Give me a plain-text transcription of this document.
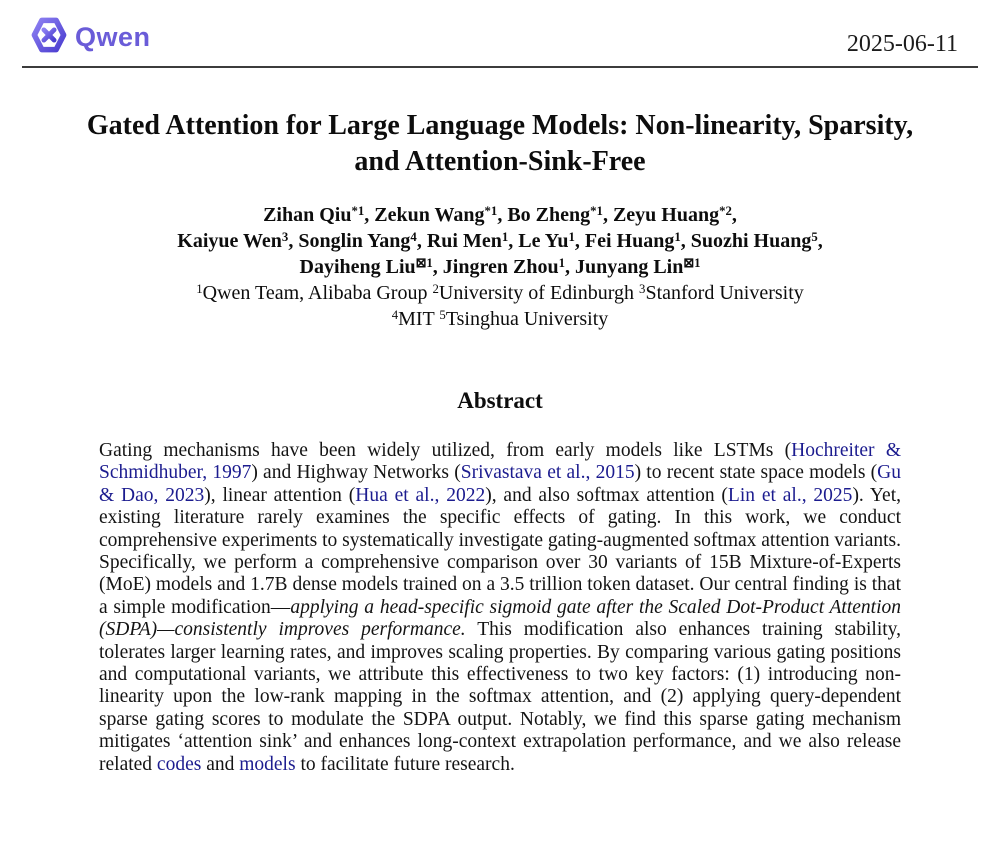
Qwen	2025-06-11
Gated Attention for Large Language Models: Non-linearity, Sparsity,
and Attention-Sink-Free
Zihan Qiu$^{*1}$, Zekun Wang$^{*1}$, Bo Zheng$^{*1}$, Zeyu Huang$^{*2}$,
Kaiyue Wen$^3$, Songlin Yang$^4$, Rui Men$^1$, Le Yu$^1$, Fei Huang$^1$, Suozhi Huang$^5$,
Dayiheng Liu$^{⊠1}$, Jingren Zhou$^1$, Junyang Lin$^{⊠1}$
$^1$Qwen Team, Alibaba Group $^2$University of Edinburgh $^3$Stanford University
$^4$MIT $^5$Tsinghua University
Abstract
Gating mechanisms have been widely utilized, from early models like LSTMs (Hochreiter & Schmidhuber, 1997) and Highway Networks (Srivastava et al., 2015) to recent state space models (Gu & Dao, 2023), linear attention (Hua et al., 2022), and also softmax attention (Lin et al., 2025). Yet, existing literature rarely examines the specific effects of gating. In this work, we conduct comprehensive experiments to systematically investigate gating-augmented softmax attention variants. Specifically, we perform a comprehensive comparison over 30 variants of 15B Mixture-of-Experts (MoE) models and 1.7B dense models trained on a 3.5 trillion token dataset. Our central finding is that a simple modification—applying a head-specific sigmoid gate after the Scaled Dot-Product Attention (SDPA)—consistently improves performance. This modification also enhances training stability, tolerates larger learning rates, and improves scaling properties. By comparing various gating positions and computational variants, we attribute this effectiveness to two key factors: (1) introducing non-linearity upon the low-rank mapping in the softmax attention, and (2) applying query-dependent sparse gating scores to modulate the SDPA output. Notably, we find this sparse gating mechanism mitigates ‘attention sink’ and enhances long-context extrapolation performance, and we also release related codes and models to facilitate future research.
